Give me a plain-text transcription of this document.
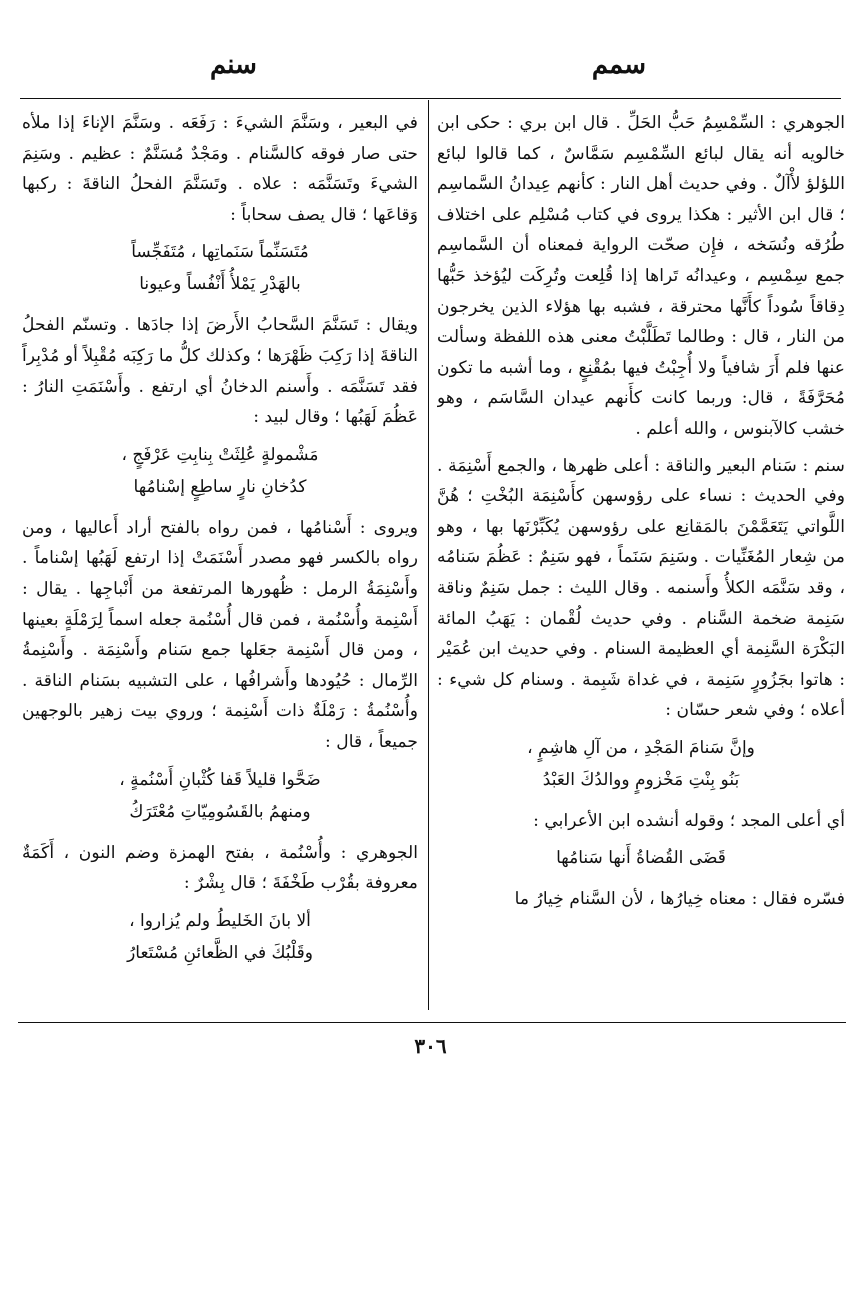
سمم
سنم

الجوهري : السِّمْسِمُ حَبُّ الحَلِّ . قال ابن بري : حكى ابن خالويه أنه يقال لبائع السِّمْسِم سَمَّاسٌ ، كما قالوا لبائع اللؤلؤ لأْآلٌ . وفي حديث أهل النار : كأنهم عِيدانُ السَّماسِم ؛ قال ابن الأثير : هكذا يروى في كتاب مُسْلِم على اختلاف طُرُقه ونُسَخه ، فإِن صحّت الرواية فمعناه أن السَّماسِم جمع سِمْسِم ، وعيدانُه تَراها إذا قُلِعت وتُرِكَت ليُؤخذ حَبُّها دِقاقاً سُوداً كأَنَّها محترقة ، فشبه بها هؤلاء الذين يخرجون من النار ، قال : وطالما تَطَلَّبْتُ معنى هذه اللفظة وسألت عنها فلم أَرَ شافياً ولا أُجِبْتُ فيها بمُقْنِعٍ ، وما أشبه ما تكون مُحَرَّفَةً ، قال: وربما كانت كأَنهم عيدان السَّاسَم ، وهو خشب كالآبنوس ، والله أعلم .

سنم : سَنام البعير والناقة : أعلى ظهرها ، والجمع أَسْنِمَة . وفي الحديث : نساء على رؤوسهن كأَسْنِمَة البُخْتِ ؛ هُنَّ اللَّواتي يَتَعَمَّمْنَ بالمَقانِع على رؤوسهن يُكَبِّرْنَها بها ، وهو من شِعار المُغَنِّيات . وسَنِمَ سَنَماً ، فهو سَنِمٌ : عَظُمَ سَنامُه ، وقد سَنَّمَه الكلأُ وأَسنمه . وقال الليث : جمل سَنِمٌ وناقة سَنِمة ضخمة السَّنام . وفي حديث لُقْمان : يَهَبُ المائة البَكْرَة السَّنِمة أي العظيمة السنام . وفي حديث ابن عُمَيْر : هاتوا بجَزُورٍ سَنِمة ، في غداة شَبِمة . وسنام كل شيء : أعلاه ؛ وفي شعر حسّان :

وإنَّ سَنامَ المَجْدِ ، من آلِ هاشِمٍ ،
بَنُو بِنْتِ مَخْزومٍ ووالدُكَ العَبْدُ

أي أعلى المجد ؛ وقوله أنشده ابن الأعرابي :

قَضَى القُضاةُ أَنها سَنامُها

فسّره فقال : معناه خِيارُها ، لأن السَّنام خِيارُ ما

في البعير ، وسَنَّمَ الشيءَ : رَفَعَه . وسَنَّمَ الإناءَ إذا ملأه حتى صار فوقه كالسَّنام . ومَجْدٌ مُسَنَّمٌ : عظيم . وسَنِمَ الشيءَ وتَسَنَّمَه : علاه . وتَسَنَّمَ الفحلُ الناقةَ : ركبها وَقاعَها ؛ قال يصف سحاباً :

مُتَسَنِّماً سَنَماتِها ، مُتَفَجِّساً
بالهَدْرِ يَمْلأُ أَنْفُساً وعيونا

ويقال : تَسَنَّمَ السَّحابُ الأَرضَ إذا جادَها . وتسنّم الفحلُ الناقةَ إذا رَكِبَ ظَهْرَها ؛ وكذلك كلُّ ما رَكِبَه مُقْبِلاً أو مُدْبِراً فقد تَسَنَّمَه . وأَسنم الدخانُ أي ارتفع . وأَسْنَمَتِ النارُ : عَظُمَ لَهَبُها ؛ وقال لبيد :

مَشْمولةٍ عُلِثَتْ بِنابِتِ عَرْفَجٍ ،
كدُخانِ نارٍ ساطِعٍ إسْنامُها

ويروى : أَسْنامُها ، فمن رواه بالفتح أراد أَعاليها ، ومن رواه بالكسر فهو مصدر أَسْنَمَتْ إذا ارتفع لَهَبُها إسْناماً . وأَسْنِمَةُ الرمل : ظُهورها المرتفعة من أَنْباجِها . يقال : أَسْنِمة وأُسْنُمة ، فمن قال أُسْنُمة جعله اسماً لِرَمْلَةٍ بعينها ، ومن قال أَسْنِمة جعَلها جمع سَنام وأَسْنِمَة . وأَسْنِمةُ الرِّمال : حُيُودها وأَشرافُها ، على التشبيه بسَنام الناقة . وأُسْنُمةُ : رَمْلَةٌ ذات أَسْنِمة ؛ وروي بيت زهير بالوجهين جميعاً ، قال :

ضَحَّوا قليلاً قَفا كُثْبانِ أَسْنُمةٍ ،
ومنهمُ بالقَسُومِيّاتِ مُعْتَرَكُ

الجوهري : وأُسْنُمة ، بفتح الهمزة وضم النون ، أَكَمَةٌ معروفة بقُرْب طَخْفَةَ ؛ قال بِشْرٌ :

ألا بانَ الخَليطُ ولم يُزاروا ،
وقَلْبُكَ في الظَّعائنِ مُسْتَعارُ
٣٠٦
